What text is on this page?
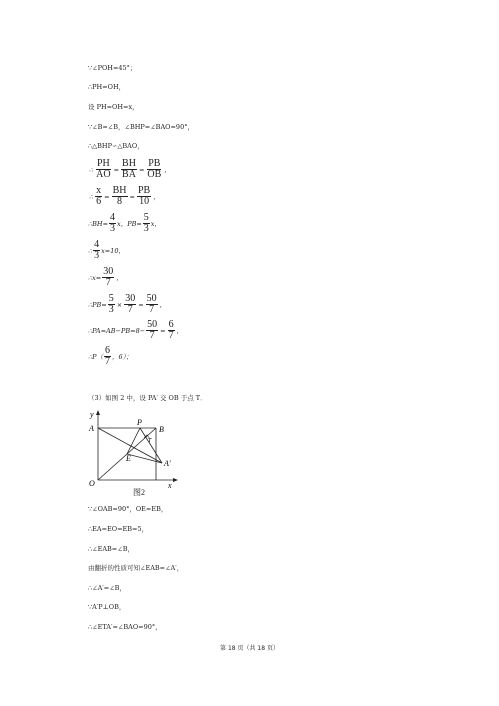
∵∠POH=45°；
∴PH=OH，
设 PH=OH=x，
∵∠B=∠B，∠BHP=∠BAO=90°，
∴△BHP∽△BAO，
∴ $\frac{PH}{AO} = \frac{BH}{BA} = \frac{PB}{OB}$ ，
∴ $\frac{x}{6} = \frac{BH}{8} = \frac{PB}{10}$ ，
∴BH= $\frac{4}{3}$ x，$PB= \frac{5}{3}$ x，
∴ $\frac{4}{3} x=10$，
∴x= $\frac{30}{7}$ ，
∴PB= $\frac{5}{3} \times \frac{30}{7} = \frac{50}{7}$ ，
∴PA=AB−PB=8− $\frac{50}{7} = \frac{6}{7}$ ，
∴P（ $\frac{6}{7}$ ，6）；
（3）如图 2 中，设 PA′ 交 OB 于点 T．
y
A
O	x
P
B
T
E
A′
图2
∵∠OAB=90°，OE=EB，
∴EA=EO=EB=5，
∴∠EAB=∠B，
由翻折的性质可知∠EAB=∠A′，
∴∠A′=∠B，
∵A′P⊥OB，
∴∠ETA′=∠BAO=90°，
第 18 页（共 18 页）
